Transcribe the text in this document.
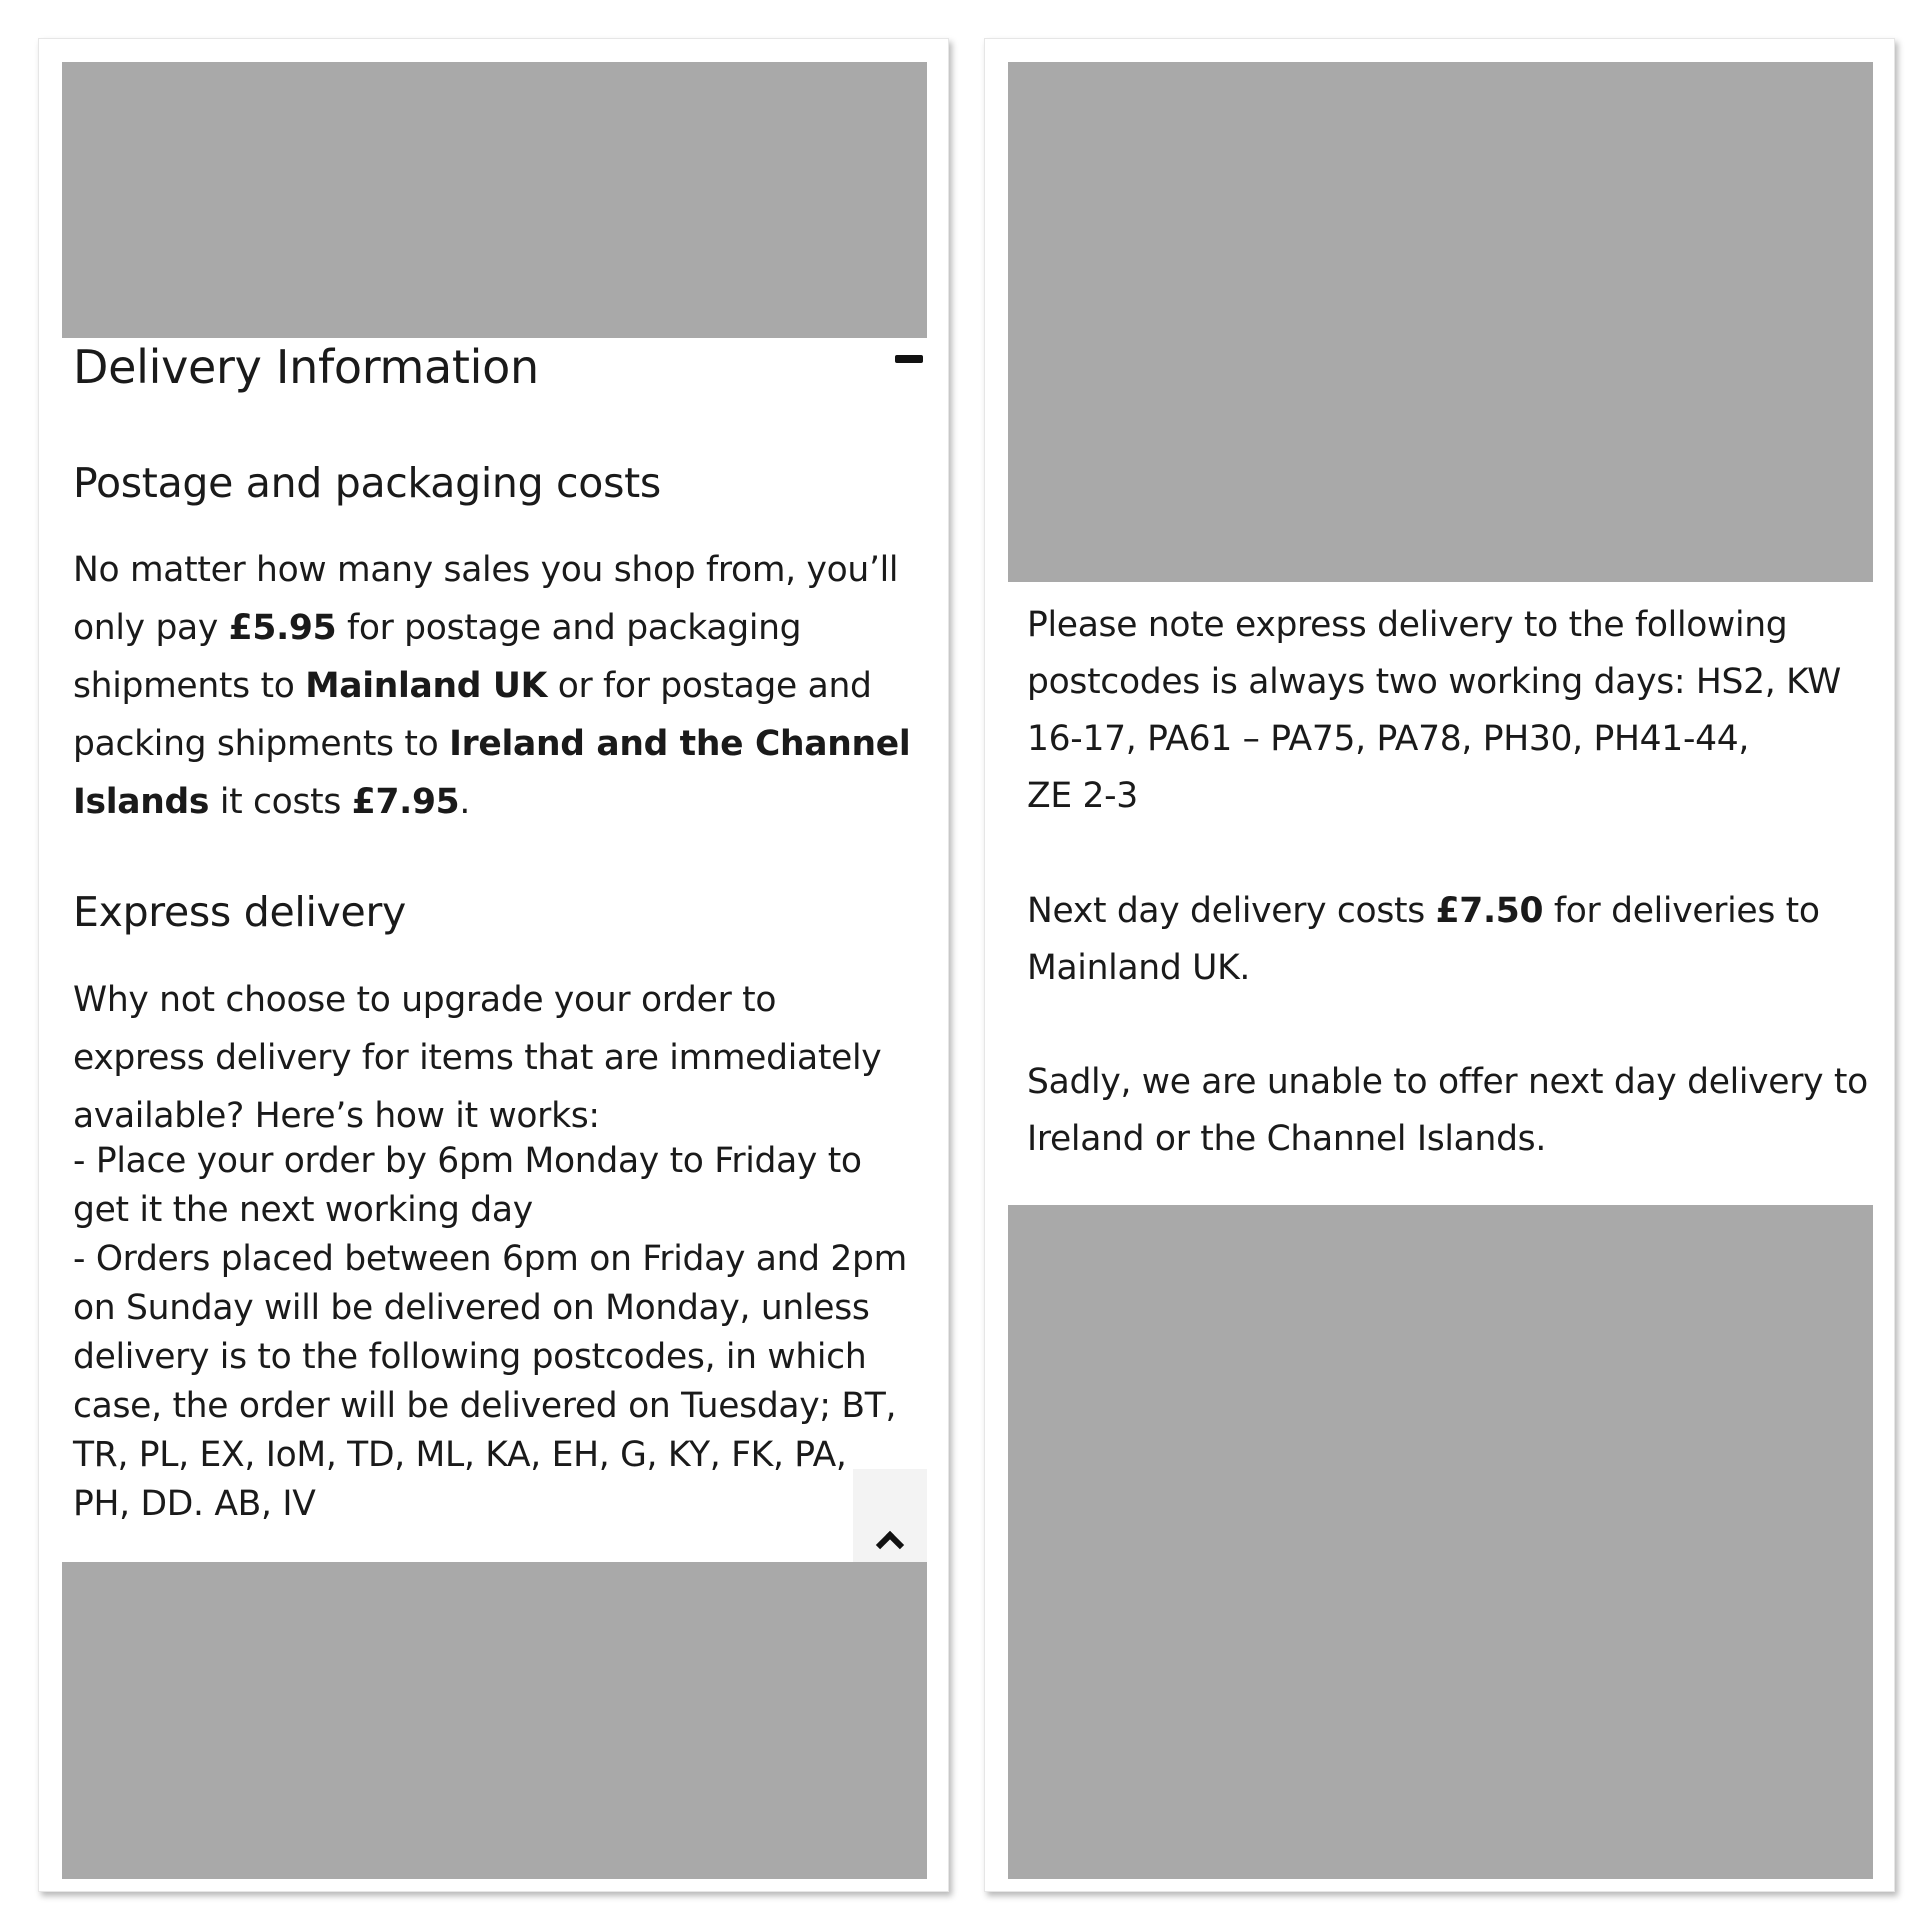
Delivery Information
Postage and packaging costs
No matter how many sales you shop from, you’ll
only pay £5.95 for postage and packaging
shipments to Mainland UK or for postage and
packing shipments to Ireland and the Channel
Islands it costs £7.95.
Express delivery
Why not choose to upgrade your order to
express delivery for items that are immediately
available? Here’s how it works:
- Place your order by 6pm Monday to Friday to
get it the next working day
- Orders placed between 6pm on Friday and 2pm
on Sunday will be delivered on Monday, unless
delivery is to the following postcodes, in which
case, the order will be delivered on Tuesday; BT,
TR, PL, EX, IoM, TD, ML, KA, EH, G, KY, FK, PA,
PH, DD. AB, IV
Please note express delivery to the following
postcodes is always two working days: HS2, KW
16-17, PA61 – PA75, PA78, PH30, PH41-44,
ZE 2-3
Next day delivery costs £7.50 for deliveries to
Mainland UK.
Sadly, we are unable to offer next day delivery to
Ireland or the Channel Islands.
